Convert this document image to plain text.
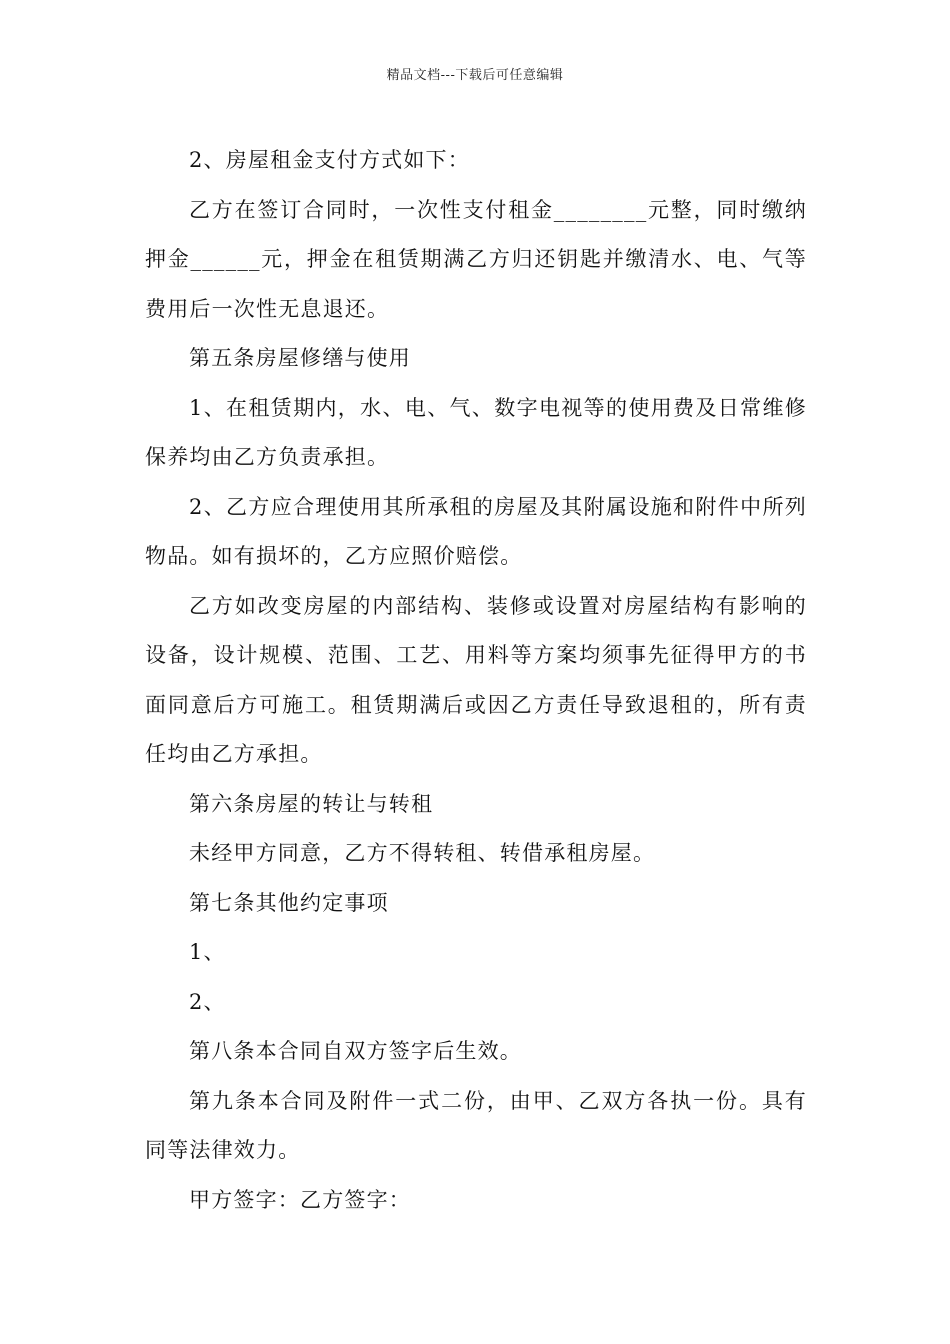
精品文档---下载后可任意编辑

2、房屋租金支付方式如下：

乙方在签订合同时，一次性支付租金________元整，同时缴纳押金______元，押金在租赁期满乙方归还钥匙并缴清水、电、气等费用后一次性无息退还。

第五条房屋修缮与使用

1、在租赁期内，水、电、气、数字电视等的使用费及日常维修保养均由乙方负责承担。

2、乙方应合理使用其所承租的房屋及其附属设施和附件中所列物品。如有损坏的，乙方应照价赔偿。

乙方如改变房屋的内部结构、装修或设置对房屋结构有影响的设备，设计规模、范围、工艺、用料等方案均须事先征得甲方的书面同意后方可施工。租赁期满后或因乙方责任导致退租的，所有责任均由乙方承担。

第六条房屋的转让与转租

未经甲方同意，乙方不得转租、转借承租房屋。

第七条其他约定事项

1、

2、

第八条本合同自双方签字后生效。

第九条本合同及附件一式二份，由甲、乙双方各执一份。具有同等法律效力。

甲方签字：乙方签字：
